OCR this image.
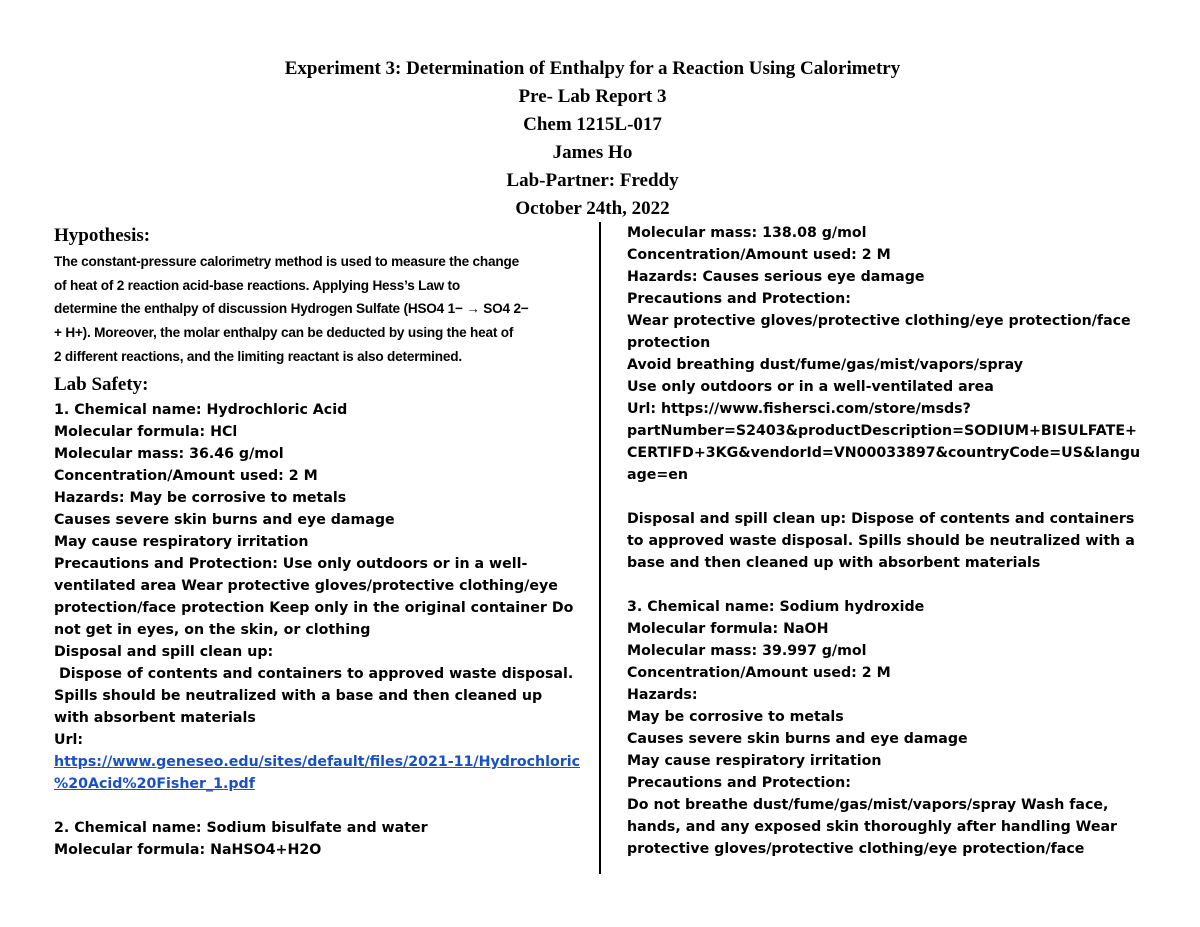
Experiment 3: Determination of Enthalpy for a Reaction Using Calorimetry
Pre- Lab Report 3
Chem 1215L-017
James Ho
Lab-Partner: Freddy
October 24th, 2022
Hypothesis:
The constant-pressure calorimetry method is used to measure the change
of heat of 2 reaction acid-base reactions. Applying Hess’s Law to
determine the enthalpy of discussion Hydrogen Sulfate (HSO4 1− → SO4 2−
+ H+). Moreover, the molar enthalpy can be deducted by using the heat of
2 different reactions, and the limiting reactant is also determined.
Lab Safety:
1. Chemical name: Hydrochloric Acid
Molecular formula: HCl
Molecular mass: 36.46 g/mol
Concentration/Amount used: 2 M
Hazards: May be corrosive to metals
Causes severe skin burns and eye damage
May cause respiratory irritation
Precautions and Protection: Use only outdoors or in a well-
ventilated area Wear protective gloves/protective clothing/eye
protection/face protection Keep only in the original container Do
not get in eyes, on the skin, or clothing
Disposal and spill clean up:
Dispose of contents and containers to approved waste disposal.
Spills should be neutralized with a base and then cleaned up
with absorbent materials
Url:
https://www.geneseo.edu/sites/default/files/2021-11/Hydrochloric
%20Acid%20Fisher_1.pdf
2. Chemical name: Sodium bisulfate and water
Molecular formula: NaHSO4+H2O
Molecular mass: 138.08 g/mol
Concentration/Amount used: 2 M
Hazards: Causes serious eye damage
Precautions and Protection:
Wear protective gloves/protective clothing/eye protection/face
protection
Avoid breathing dust/fume/gas/mist/vapors/spray
Use only outdoors or in a well-ventilated area
Url: https://www.fishersci.com/store/msds?
partNumber=S2403&productDescription=SODIUM+BISULFATE+
CERTIFD+3KG&vendorId=VN00033897&countryCode=US&langu
age=en
Disposal and spill clean up: Dispose of contents and containers
to approved waste disposal. Spills should be neutralized with a
base and then cleaned up with absorbent materials
3. Chemical name: Sodium hydroxide
Molecular formula: NaOH
Molecular mass: 39.997 g/mol
Concentration/Amount used: 2 M
Hazards:
May be corrosive to metals
Causes severe skin burns and eye damage
May cause respiratory irritation
Precautions and Protection:
Do not breathe dust/fume/gas/mist/vapors/spray Wash face,
hands, and any exposed skin thoroughly after handling Wear
protective gloves/protective clothing/eye protection/face
